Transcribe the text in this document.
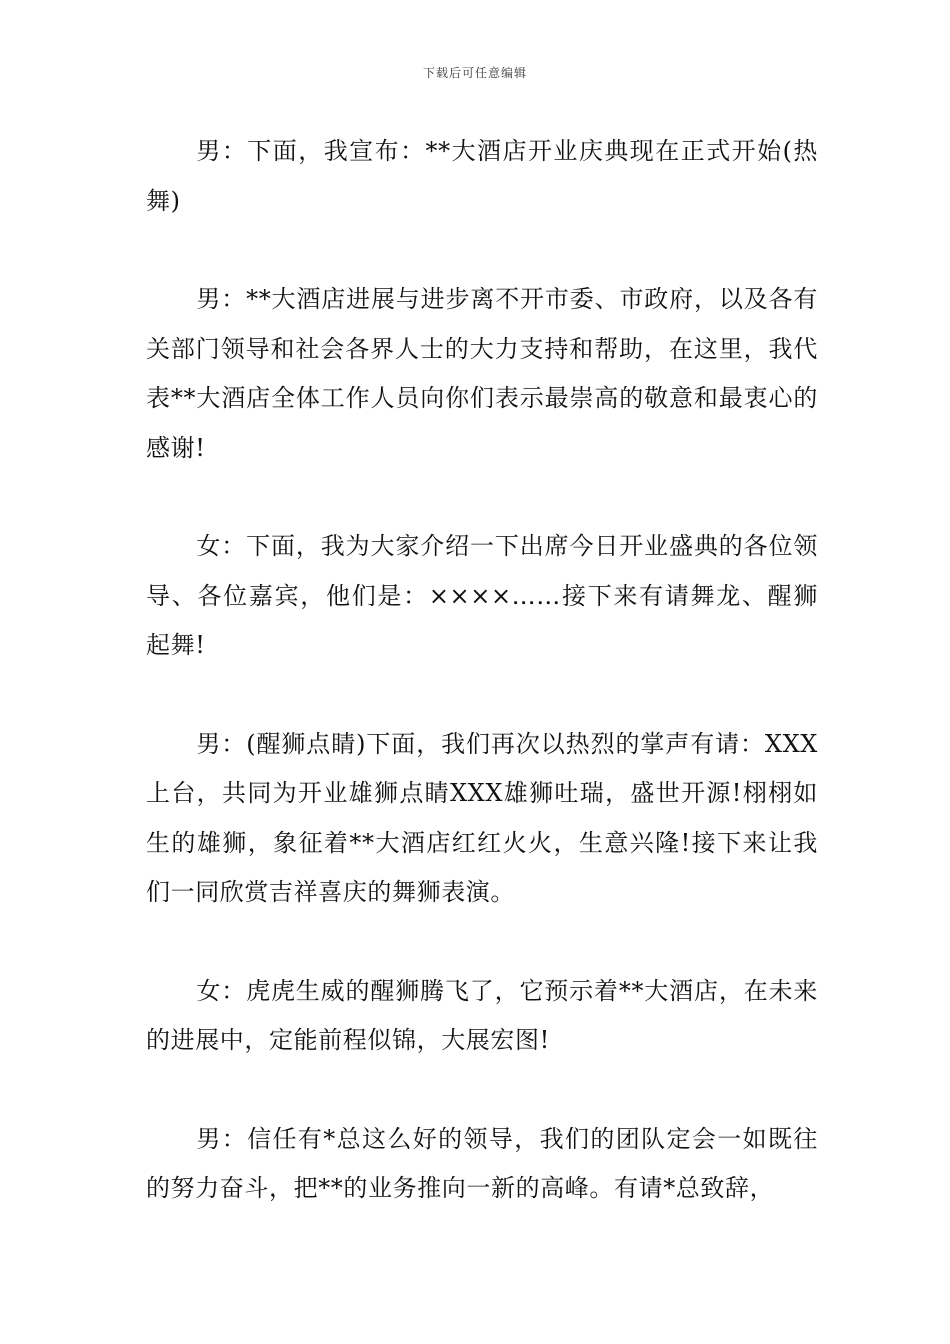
下载后可任意编辑

男：下面，我宣布：**大酒店开业庆典现在正式开始(热舞)

男：**大酒店进展与进步离不开市委、市政府，以及各有关部门领导和社会各界人士的大力支持和帮助，在这里，我代表**大酒店全体工作人员向你们表示最崇高的敬意和最衷心的感谢!

女：下面，我为大家介绍一下出席今日开业盛典的各位领导、各位嘉宾，他们是：××××……接下来有请舞龙、醒狮起舞!

男：(醒狮点睛)下面，我们再次以热烈的掌声有请：XXX上台，共同为开业雄狮点睛XXX雄狮吐瑞，盛世开源!栩栩如生的雄狮，象征着**大酒店红红火火，生意兴隆!接下来让我们一同欣赏吉祥喜庆的舞狮表演。

女：虎虎生威的醒狮腾飞了，它预示着**大酒店，在未来的进展中，定能前程似锦，大展宏图!

男：信任有*总这么好的领导，我们的团队定会一如既往的努力奋斗，把**的业务推向一新的高峰。有请*总致辞，
